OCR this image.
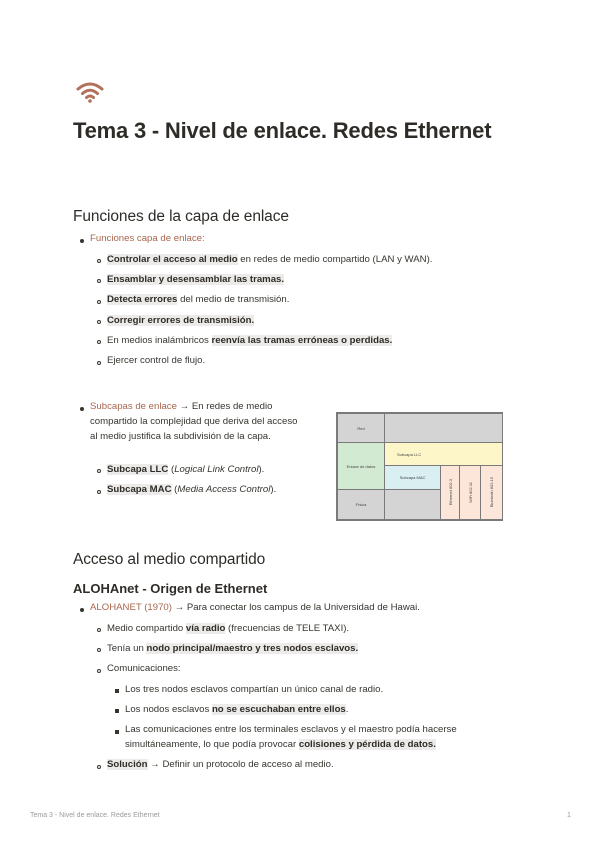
Tema 3 - Nivel de enlace. Redes Ethernet
Funciones de la capa de enlace
Funciones capa de enlace:
Controlar el acceso al medio en redes de medio compartido (LAN y WAN).
Ensamblar y desensamblar las tramas.
Detecta errores del medio de transmisión.
Corregir errores de transmisión.
En medios inalámbricos reenvía las tramas erróneas o perdidas.
Ejercer control de flujo.
Subcapas de enlace → En redes de medio compartido la complejidad que deriva del acceso al medio justifica la subdivisión de la capa.
Subcapa LLC (Logical Link Control).
Subcapa MAC (Media Access Control).
Red
Enlace de datos
Subcapa LLC
Subcapa MAC
Física	Ethernet 802.3	WiFi 802.11	Bluetooth 802.15
Acceso al medio compartido
ALOHAnet - Origen de Ethernet
ALOHANET (1970) → Para conectar los campus de la Universidad de Hawai.
Medio compartido vía radio (frecuencias de TELE TAXI).
Tenía un nodo principal/maestro y tres nodos esclavos.
Comunicaciones:
Los tres nodos esclavos compartían un único canal de radio.
Los nodos esclavos no se escuchaban entre ellos.
Las comunicaciones entre los terminales esclavos y el maestro podía hacerse
simultáneamente, lo que podía provocar colisiones y pérdida de datos.
Solución → Definir un protocolo de acceso al medio.
Tema 3 - Nivel de enlace. Redes Ethernet	1
